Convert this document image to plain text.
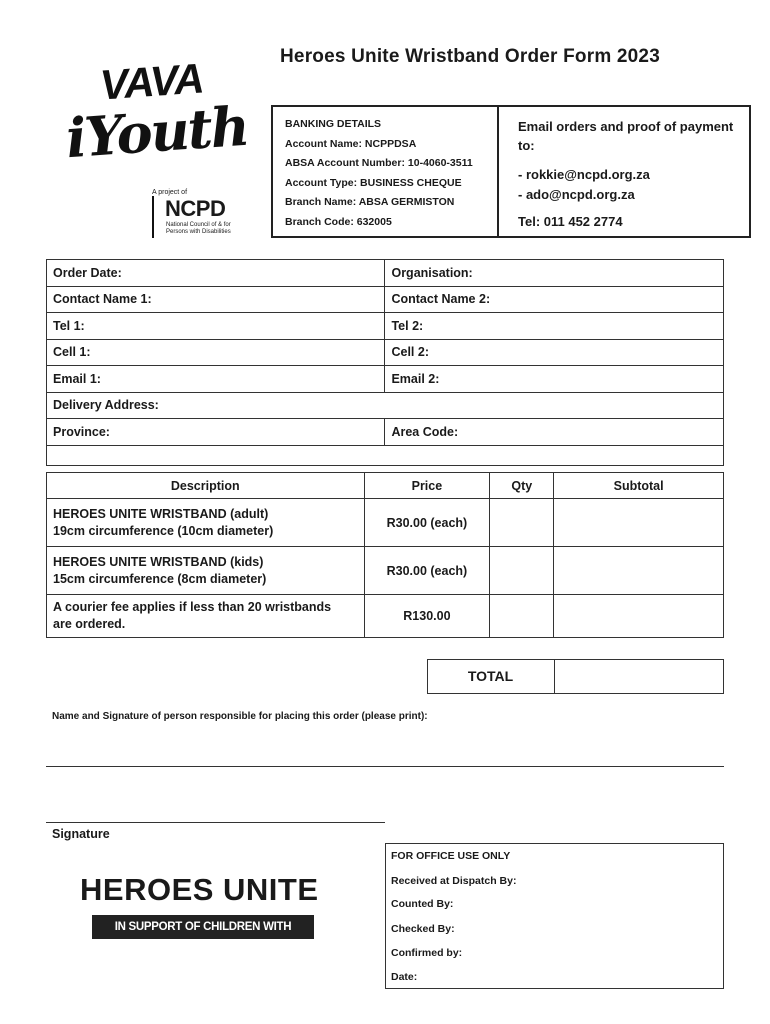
Heroes Unite Wristband Order Form 2023
VAVA
iYouth
A project of
NCPD
National Council of & for Persons with Disabilities
BANKING DETAILS
Account Name: NCPPDSA
ABSA Account Number: 10-4060-3511
Account Type: BUSINESS CHEQUE
Branch Name: ABSA GERMISTON
Branch Code: 632005
Email orders and proof of payment to:
- rokkie@ncpd.org.za
- ado@ncpd.org.za
Tel: 011 452 2774
Order Date:	Organisation:
Contact Name 1:	Contact Name 2:
Tel 1:	Tel 2:
Cell 1:	Cell 2:
Email 1:	Email 2:
Delivery Address:	
Province:	Area Code:

Description	Price	Qty	Subtotal

HEROES UNITE WRISTBAND (adult)
19cm circumference (10cm diameter)	R30.00 (each)		

HEROES UNITE WRISTBAND (kids)
15cm circumference (8cm diameter)	R30.00 (each)		

A courier fee applies if less than 20 wristbands
are ordered.	R130.00		
TOTAL
Name and Signature of person responsible for placing this order (please print):
Signature
FOR OFFICE USE ONLY
Received at Dispatch By:
Counted By:
Checked By:
Confirmed by:
Date:
HEROES UNITE
IN SUPPORT OF CHILDREN WITH DISABILITIES
